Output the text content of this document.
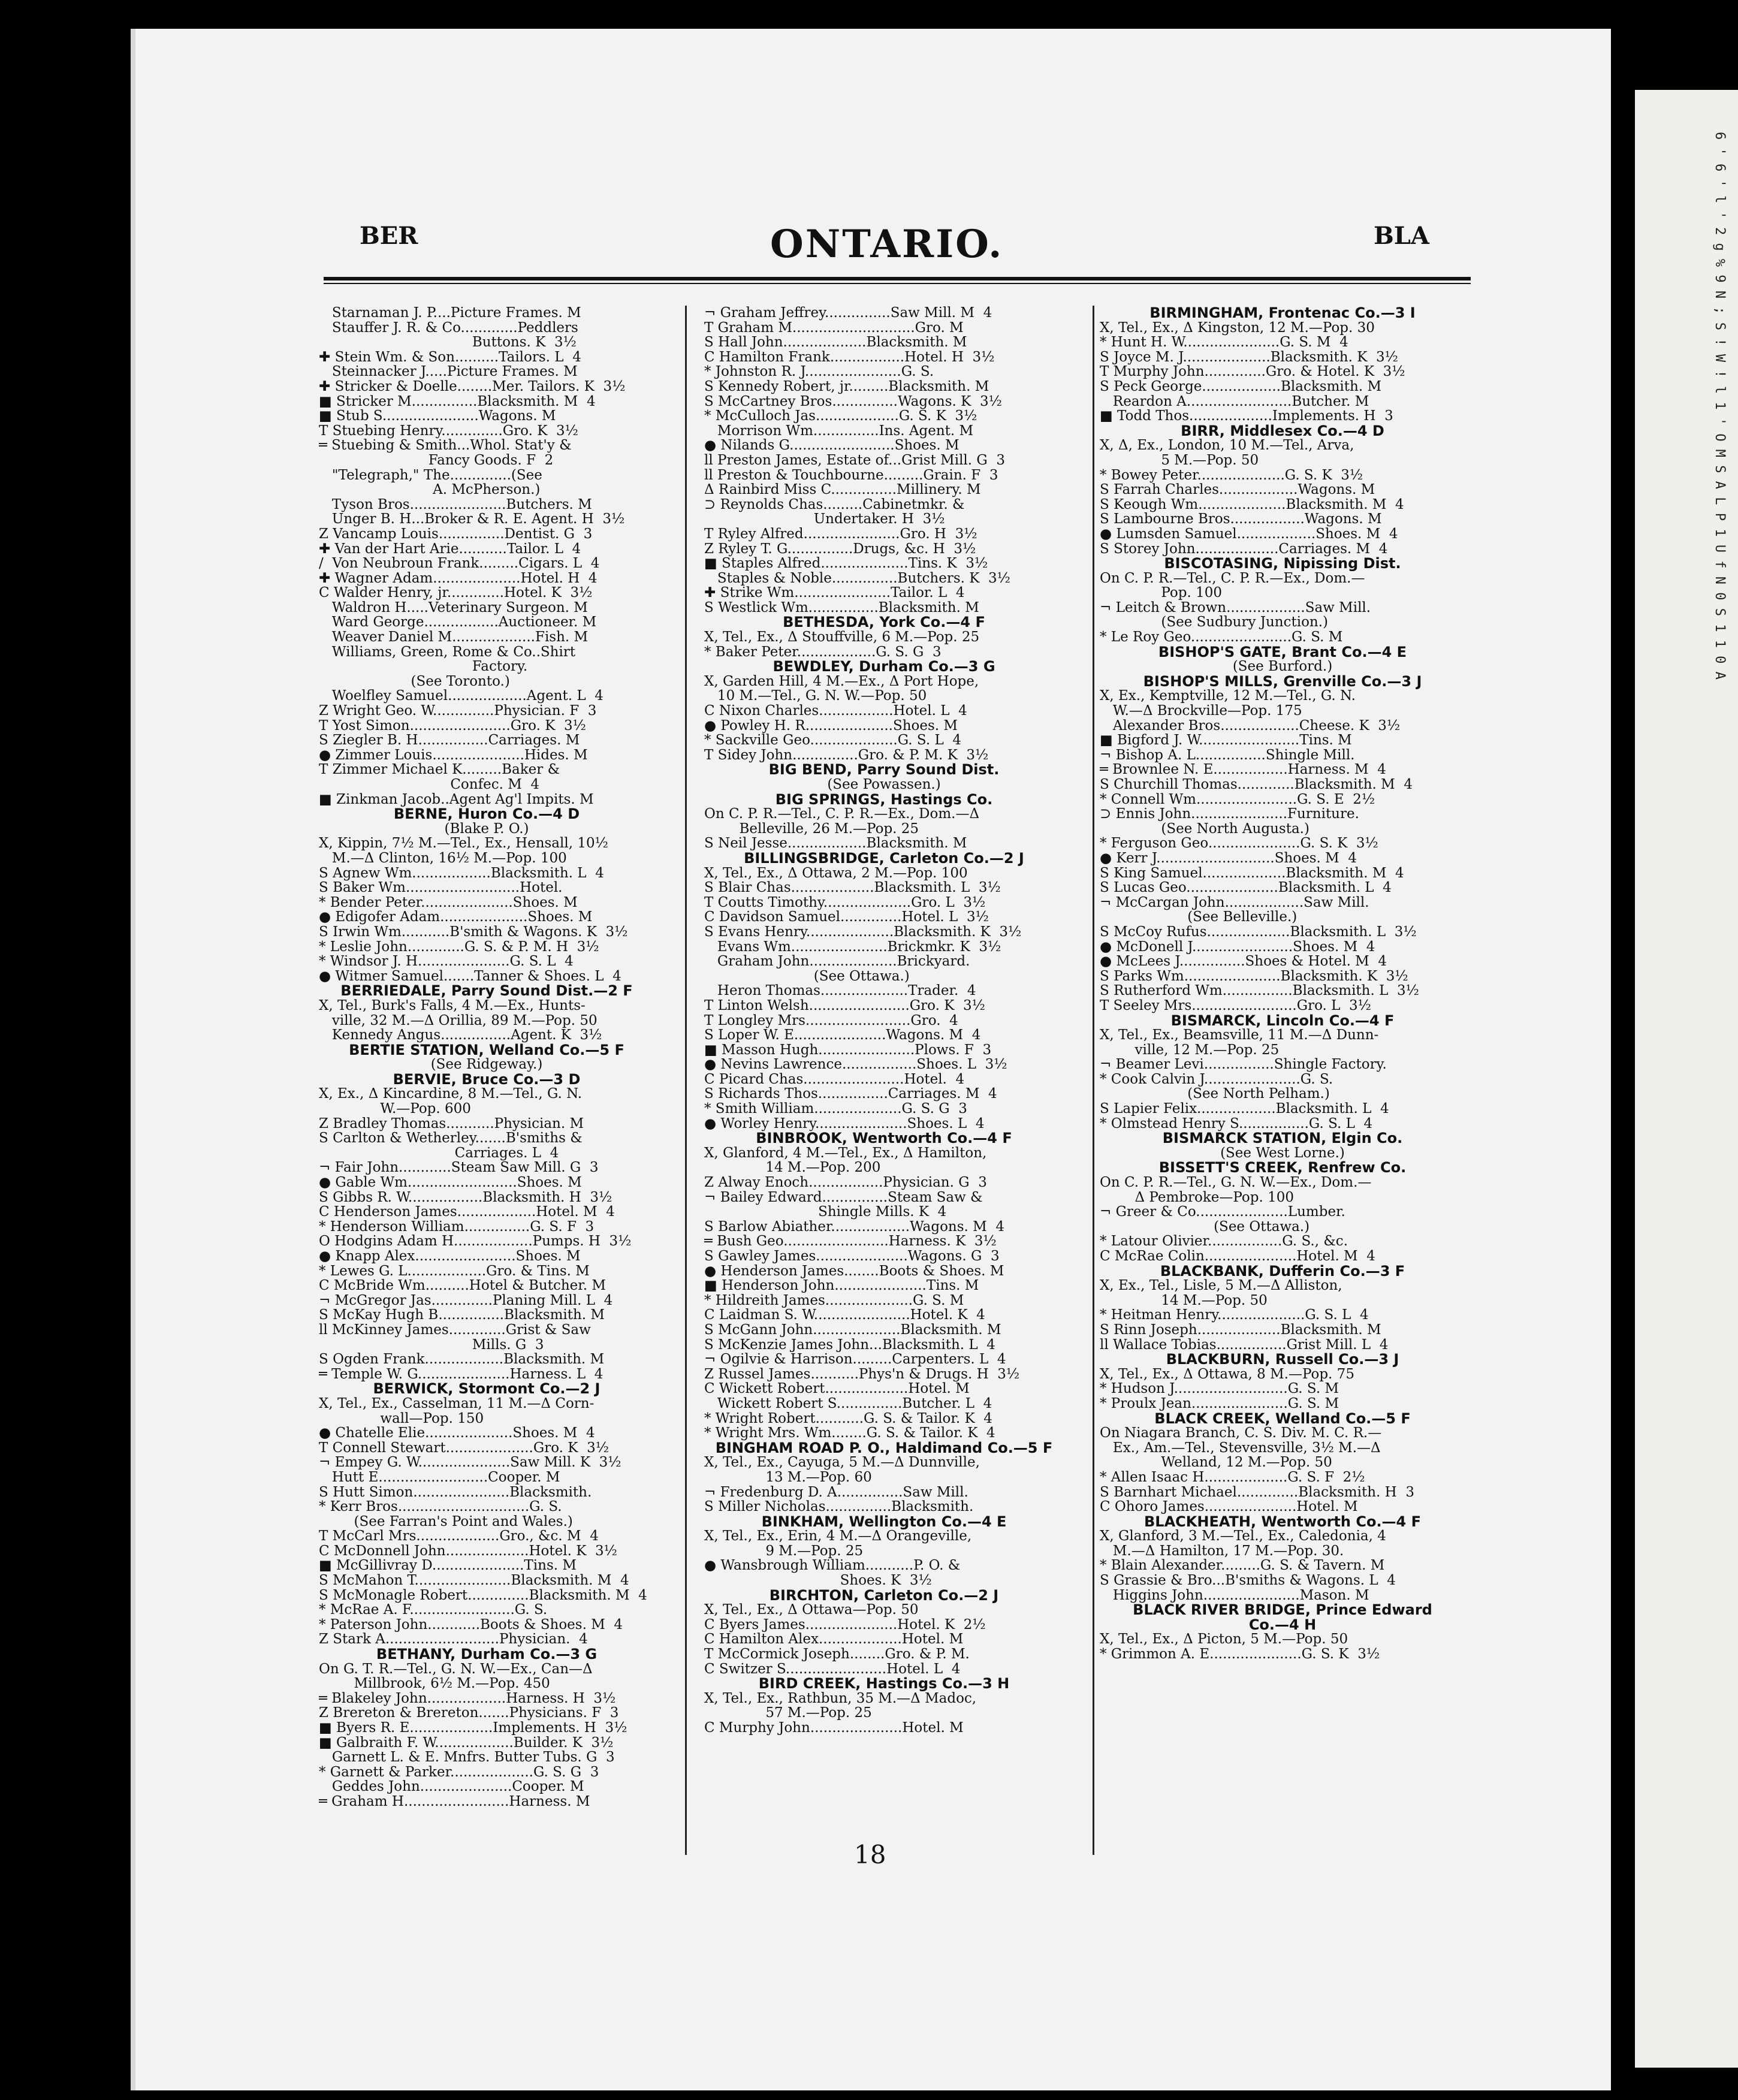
6 ' 6 ' l ' 2 g % 9 N ; S ! W ! l 1 ' O M S A L P 1 U f N 0 S 1 1 0 A
BER	ONTARIO.	BLA
Starnaman J. P....Picture Frames. M
Stauffer J. R. & Co.............Peddlers
Buttons. K  3½
✚ Stein Wm. & Son..........Tailors. L  4
Steinnacker J.....Picture Frames. M
✚ Stricker & Doelle........Mer. Tailors. K  3½
■ Stricker M...............Blacksmith. M  4
■ Stub S......................Wagons. M
T Stuebing Henry..............Gro. K  3½
═ Stuebing & Smith...Whol. Stat'y &
Fancy Goods. F  2
"Telegraph," The..............(See
A. McPherson.)
Tyson Bros......................Butchers. M
Unger B. H...Broker & R. E. Agent. H  3½
Z Vancamp Louis...............Dentist. G  3
✚ Van der Hart Arie...........Tailor. L  4
/  Von Neubroun Frank.........Cigars. L  4
✚ Wagner Adam....................Hotel. H  4
C Walder Henry, jr.............Hotel. K  3½
Waldron H.....Veterinary Surgeon. M
Ward George.................Auctioneer. M
Weaver Daniel M...................Fish. M
Williams, Green, Rome & Co..Shirt
Factory.
(See Toronto.)
Woelfley Samuel..................Agent. L  4
Z Wright Geo. W..............Physician. F  3
T Yost Simon.......................Gro. K  3½
S Ziegler B. H................Carriages. M
● Zimmer Louis.....................Hides. M
T Zimmer Michael K.........Baker &
Confec. M  4
■ Zinkman Jacob..Agent Ag'l Impits. M
BERNE, Huron Co.—4 D
(Blake P. O.)
X, Kippin, 7½ M.—Tel., Ex., Hensall, 10½
M.—Δ Clinton, 16½ M.—Pop. 100
S Agnew Wm..................Blacksmith. L  4
S Baker Wm..........................Hotel.
* Bender Peter.....................Shoes. M
● Edigofer Adam....................Shoes. M
S Irwin Wm...........B'smith & Wagons. K  3½
* Leslie John.............G. S. & P. M. H  3½
* Windsor J. H.....................G. S. L  4
● Witmer Samuel.......Tanner & Shoes. L  4
BERRIEDALE, Parry Sound Dist.—2 F
X, Tel., Burk's Falls, 4 M.—Ex., Hunts-
ville, 32 M.—Δ Orillia, 89 M.—Pop. 50
Kennedy Angus................Agent. K  3½
BERTIE STATION, Welland Co.—5 F
(See Ridgeway.)
BERVIE, Bruce Co.—3 D
X, Ex., Δ Kincardine, 8 M.—Tel., G. N.
W.—Pop. 600
Z Bradley Thomas...........Physician. M
S Carlton & Wetherley.......B'smiths &
Carriages. L  4
¬ Fair John............Steam Saw Mill. G  3
● Gable Wm.........................Shoes. M
S Gibbs R. W.................Blacksmith. H  3½
C Henderson James..................Hotel. M  4
* Henderson William...............G. S. F  3
O Hodgins Adam H..................Pumps. H  3½
● Knapp Alex.......................Shoes. M
* Lewes G. L..................Gro. & Tins. M
C McBride Wm..........Hotel & Butcher. M
¬ McGregor Jas..............Planing Mill. L  4
S McKay Hugh B...............Blacksmith. M
ll McKinney James.............Grist & Saw
Mills. G  3
S Ogden Frank..................Blacksmith. M
═ Temple W. G.....................Harness. L  4
BERWICK, Stormont Co.—2 J
X, Tel., Ex., Casselman, 11 M.—Δ Corn-
wall—Pop. 150
● Chatelle Elie....................Shoes. M  4
T Connell Stewart....................Gro. K  3½
¬ Empey G. W.....................Saw Mill. K  3½
Hutt E.........................Cooper. M
S Hutt Simon......................Blacksmith.
* Kerr Bros..............................G. S.
(See Farran's Point and Wales.)
T McCarl Mrs...................Gro., &c. M  4
C McDonnell John...................Hotel. K  3½
■ McGillivray D.....................Tins. M
S McMahon T......................Blacksmith. M  4
S McMonagle Robert..............Blacksmith. M  4
* McRae A. F........................G. S.
* Paterson John............Boots & Shoes. M  4
Z Stark A..........................Physician.  4
BETHANY, Durham Co.—3 G
On G. T. R.—Tel., G. N. W.—Ex., Can—Δ
Millbrook, 6½ M.—Pop. 450
═ Blakeley John..................Harness. H  3½
Z Brereton & Brereton.......Physicians. F  3
■ Byers R. E...................Implements. H  3½
■ Galbraith F. W..................Builder. K  3½
Garnett L. & E. Mnfrs. Butter Tubs. G  3
* Garnett & Parker...................G. S. G  3
Geddes John.....................Cooper. M
═ Graham H........................Harness. M
¬ Graham Jeffrey...............Saw Mill. M  4
T Graham M............................Gro. M
S Hall John...................Blacksmith. M
C Hamilton Frank.................Hotel. H  3½
* Johnston R. J......................G. S.
S Kennedy Robert, jr.........Blacksmith. M
S McCartney Bros...............Wagons. K  3½
* McCulloch Jas...................G. S. K  3½
Morrison Wm...............Ins. Agent. M
● Nilands G........................Shoes. M
ll Preston James, Estate of...Grist Mill. G  3
ll Preston & Touchbourne.........Grain. F  3
Δ Rainbird Miss C...............Millinery. M
⊃ Reynolds Chas.........Cabinetmkr. &
Undertaker. H  3½
T Ryley Alfred......................Gro. H  3½
Z Ryley T. G...............Drugs, &c. H  3½
■ Staples Alfred....................Tins. K  3½
Staples & Noble...............Butchers. K  3½
✚ Strike Wm......................Tailor. L  4
S Westlick Wm................Blacksmith. M
BETHESDA, York Co.—4 F
X, Tel., Ex., Δ Stouffville, 6 M.—Pop. 25
* Baker Peter..................G. S. G  3
BEWDLEY, Durham Co.—3 G
X, Garden Hill, 4 M.—Ex., Δ Port Hope,
10 M.—Tel., G. N. W.—Pop. 50
C Nixon Charles.................Hotel. L  4
● Powley H. R....................Shoes. M
* Sackville Geo....................G. S. L  4
T Sidey John...............Gro. & P. M. K  3½
BIG BEND, Parry Sound Dist.
(See Powassen.)
BIG SPRINGS, Hastings Co.
On C. P. R.—Tel., C. P. R.—Ex., Dom.—Δ
Belleville, 26 M.—Pop. 25
S Neil Jesse..................Blacksmith. M
BILLINGSBRIDGE, Carleton Co.—2 J
X, Tel., Ex., Δ Ottawa, 2 M.—Pop. 100
S Blair Chas...................Blacksmith. L  3½
T Coutts Timothy....................Gro. L  3½
C Davidson Samuel..............Hotel. L  3½
S Evans Henry....................Blacksmith. K  3½
Evans Wm......................Brickmkr. K  3½
Graham John....................Brickyard.
(See Ottawa.)
Heron Thomas....................Trader.  4
T Linton Welsh.......................Gro. K  3½
T Longley Mrs........................Gro.  4
S Loper W. E.....................Wagons. M  4
■ Masson Hugh......................Plows. F  3
● Nevins Lawrence.................Shoes. L  3½
C Picard Chas.......................Hotel.  4
S Richards Thos................Carriages. M  4
* Smith William....................G. S. G  3
● Worley Henry.....................Shoes. L  4
BINBROOK, Wentworth Co.—4 F
X, Glanford, 4 M.—Tel., Ex., Δ Hamilton,
14 M.—Pop. 200
Z Alway Enoch.................Physician. G  3
¬ Bailey Edward...............Steam Saw &
Shingle Mills. K  4
S Barlow Abiather..................Wagons. M  4
═ Bush Geo........................Harness. K  3½
S Gawley James.....................Wagons. G  3
● Henderson James........Boots & Shoes. M
■ Henderson John.....................Tins. M
* Hildreith James....................G. S. M
C Laidman S. W......................Hotel. K  4
S McGann John....................Blacksmith. M
S McKenzie James John...Blacksmith. L  4
¬ Ogilvie & Harrison.........Carpenters. L  4
Z Russel James...........Phys'n & Drugs. H  3½
C Wickett Robert...................Hotel. M
Wickett Robert S...............Butcher. L  4
* Wright Robert...........G. S. & Tailor. K  4
* Wright Mrs. Wm........G. S. & Tailor. K  4
BINGHAM ROAD P. O., Haldimand Co.—5 F
X, Tel., Ex., Cayuga, 5 M.—Δ Dunnville,
13 M.—Pop. 60
¬ Fredenburg D. A...............Saw Mill.
S Miller Nicholas...............Blacksmith.
BINKHAM, Wellington Co.—4 E
X, Tel., Ex., Erin, 4 M.—Δ Orangeville,
9 M.—Pop. 25
● Wansbrough William...........P. O. &
Shoes. K  3½
BIRCHTON, Carleton Co.—2 J
X, Tel., Ex., Δ Ottawa—Pop. 50
C Byers James.....................Hotel. K  2½
C Hamilton Alex...................Hotel. M
T McCormick Joseph........Gro. & P. M.
C Switzer S.......................Hotel. L  4
BIRD CREEK, Hastings Co.—3 H
X, Tel., Ex., Rathbun, 35 M.—Δ Madoc,
57 M.—Pop. 25
C Murphy John.....................Hotel. M
BIRMINGHAM, Frontenac Co.—3 I
X, Tel., Ex., Δ Kingston, 12 M.—Pop. 30
* Hunt H. W......................G. S. M  4
S Joyce M. J....................Blacksmith. K  3½
T Murphy John..............Gro. & Hotel. K  3½
S Peck George..................Blacksmith. M
Reardon A........................Butcher. M
■ Todd Thos...................Implements. H  3
BIRR, Middlesex Co.—4 D
X, Δ, Ex., London, 10 M.—Tel., Arva,
5 M.—Pop. 50
* Bowey Peter....................G. S. K  3½
S Farrah Charles..................Wagons. M
S Keough Wm....................Blacksmith. M  4
S Lambourne Bros.................Wagons. M
● Lumsden Samuel..................Shoes. M  4
S Storey John...................Carriages. M  4
BISCOTASING, Nipissing Dist.
On C. P. R.—Tel., C. P. R.—Ex., Dom.—
Pop. 100
¬ Leitch & Brown..................Saw Mill.
(See Sudbury Junction.)
* Le Roy Geo.......................G. S. M
BISHOP'S GATE, Brant Co.—4 E
(See Burford.)
BISHOP'S MILLS, Grenville Co.—3 J
X, Ex., Kemptville, 12 M.—Tel., G. N.
W.—Δ Brockville—Pop. 175
Alexander Bros..................Cheese. K  3½
■ Bigford J. W.......................Tins. M
¬ Bishop A. L................Shingle Mill.
═ Brownlee N. E.................Harness. M  4
S Churchill Thomas.............Blacksmith. M  4
* Connell Wm.......................G. S. E  2½
⊃ Ennis John......................Furniture.
(See North Augusta.)
* Ferguson Geo.....................G. S. K  3½
● Kerr J...........................Shoes. M  4
S King Samuel...................Blacksmith. M  4
S Lucas Geo.....................Blacksmith. L  4
¬ McCargan John..................Saw Mill.
(See Belleville.)
S McCoy Rufus...................Blacksmith. L  3½
● McDonell J.......................Shoes. M  4
● McLees J...............Shoes & Hotel. M  4
S Parks Wm......................Blacksmith. K  3½
S Rutherford Wm................Blacksmith. L  3½
T Seeley Mrs........................Gro. L  3½
BISMARCK, Lincoln Co.—4 F
X, Tel., Ex., Beamsville, 11 M.—Δ Dunn-
ville, 12 M.—Pop. 25
¬ Beamer Levi................Shingle Factory.
* Cook Calvin J......................G. S.
(See North Pelham.)
S Lapier Felix..................Blacksmith. L  4
* Olmstead Henry S................G. S. L  4
BISMARCK STATION, Elgin Co.
(See West Lorne.)
BISSETT'S CREEK, Renfrew Co.
On C. P. R.—Tel., G. N. W.—Ex., Dom.—
Δ Pembroke—Pop. 100
¬ Greer & Co.....................Lumber.
(See Ottawa.)
* Latour Olivier.................G. S., &c.
C McRae Colin.....................Hotel. M  4
BLACKBANK, Dufferin Co.—3 F
X, Ex., Tel., Lisle, 5 M.—Δ Alliston,
14 M.—Pop. 50
* Heitman Henry....................G. S. L  4
S Rinn Joseph...................Blacksmith. M
ll Wallace Tobias................Grist Mill. L  4
BLACKBURN, Russell Co.—3 J
X, Tel., Ex., Δ Ottawa, 8 M.—Pop. 75
* Hudson J..........................G. S. M
* Proulx Jean......................G. S. M
BLACK CREEK, Welland Co.—5 F
On Niagara Branch, C. S. Div. M. C. R.—
Ex., Am.—Tel., Stevensville, 3½ M.—Δ
Welland, 12 M.—Pop. 50
* Allen Isaac H...................G. S. F  2½
S Barnhart Michael..............Blacksmith. H  3
C Ohoro James.....................Hotel. M
BLACKHEATH, Wentworth Co.—4 F
X, Glanford, 3 M.—Tel., Ex., Caledonia, 4
M.—Δ Hamilton, 17 M.—Pop. 30.
* Blain Alexander.........G. S. & Tavern. M
S Grassie & Bro...B'smiths & Wagons. L  4
Higgins John......................Mason. M
BLACK RIVER BRIDGE, Prince Edward
Co.—4 H
X, Tel., Ex., Δ Picton, 5 M.—Pop. 50
* Grimmon A. E.....................G. S. K  3½
18
